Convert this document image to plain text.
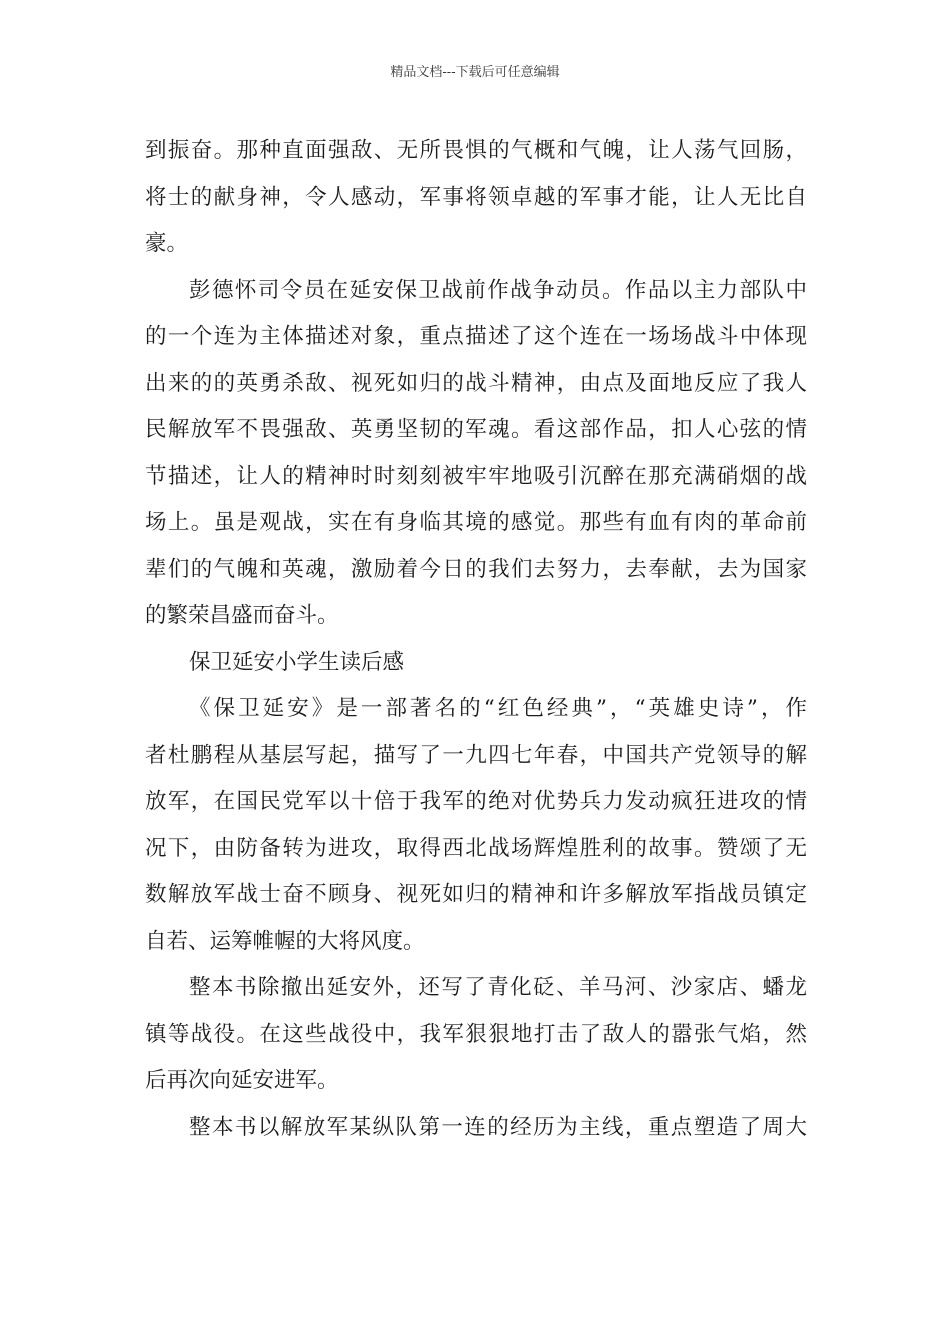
精品文档---下载后可任意编辑
到振奋。那种直面强敌、无所畏惧的气概和气魄，让人荡气回肠，
将士的献身神，令人感动，军事将领卓越的军事才能，让人无比自
豪。
彭德怀司令员在延安保卫战前作战争动员。作品以主力部队中
的一个连为主体描述对象，重点描述了这个连在一场场战斗中体现
出来的的英勇杀敌、视死如归的战斗精神，由点及面地反应了我人
民解放军不畏强敌、英勇坚韧的军魂。看这部作品，扣人心弦的情
节描述，让人的精神时时刻刻被牢牢地吸引沉醉在那充满硝烟的战
场上。虽是观战，实在有身临其境的感觉。那些有血有肉的革命前
辈们的气魄和英魂，激励着今日的我们去努力，去奉献，去为国家
的繁荣昌盛而奋斗。
保卫延安小学生读后感
《保卫延安》是一部著名的“红色经典”，“英雄史诗”，作
者杜鹏程从基层写起，描写了一九四七年春，中国共产党领导的解
放军，在国民党军以十倍于我军的绝对优势兵力发动疯狂进攻的情
况下，由防备转为进攻，取得西北战场辉煌胜利的故事。赞颂了无
数解放军战士奋不顾身、视死如归的精神和许多解放军指战员镇定
自若、运筹帷幄的大将风度。
整本书除撤出延安外，还写了青化砭、羊马河、沙家店、蟠龙
镇等战役。在这些战役中，我军狠狠地打击了敌人的嚣张气焰，然
后再次向延安进军。
整本书以解放军某纵队第一连的经历为主线，重点塑造了周大
